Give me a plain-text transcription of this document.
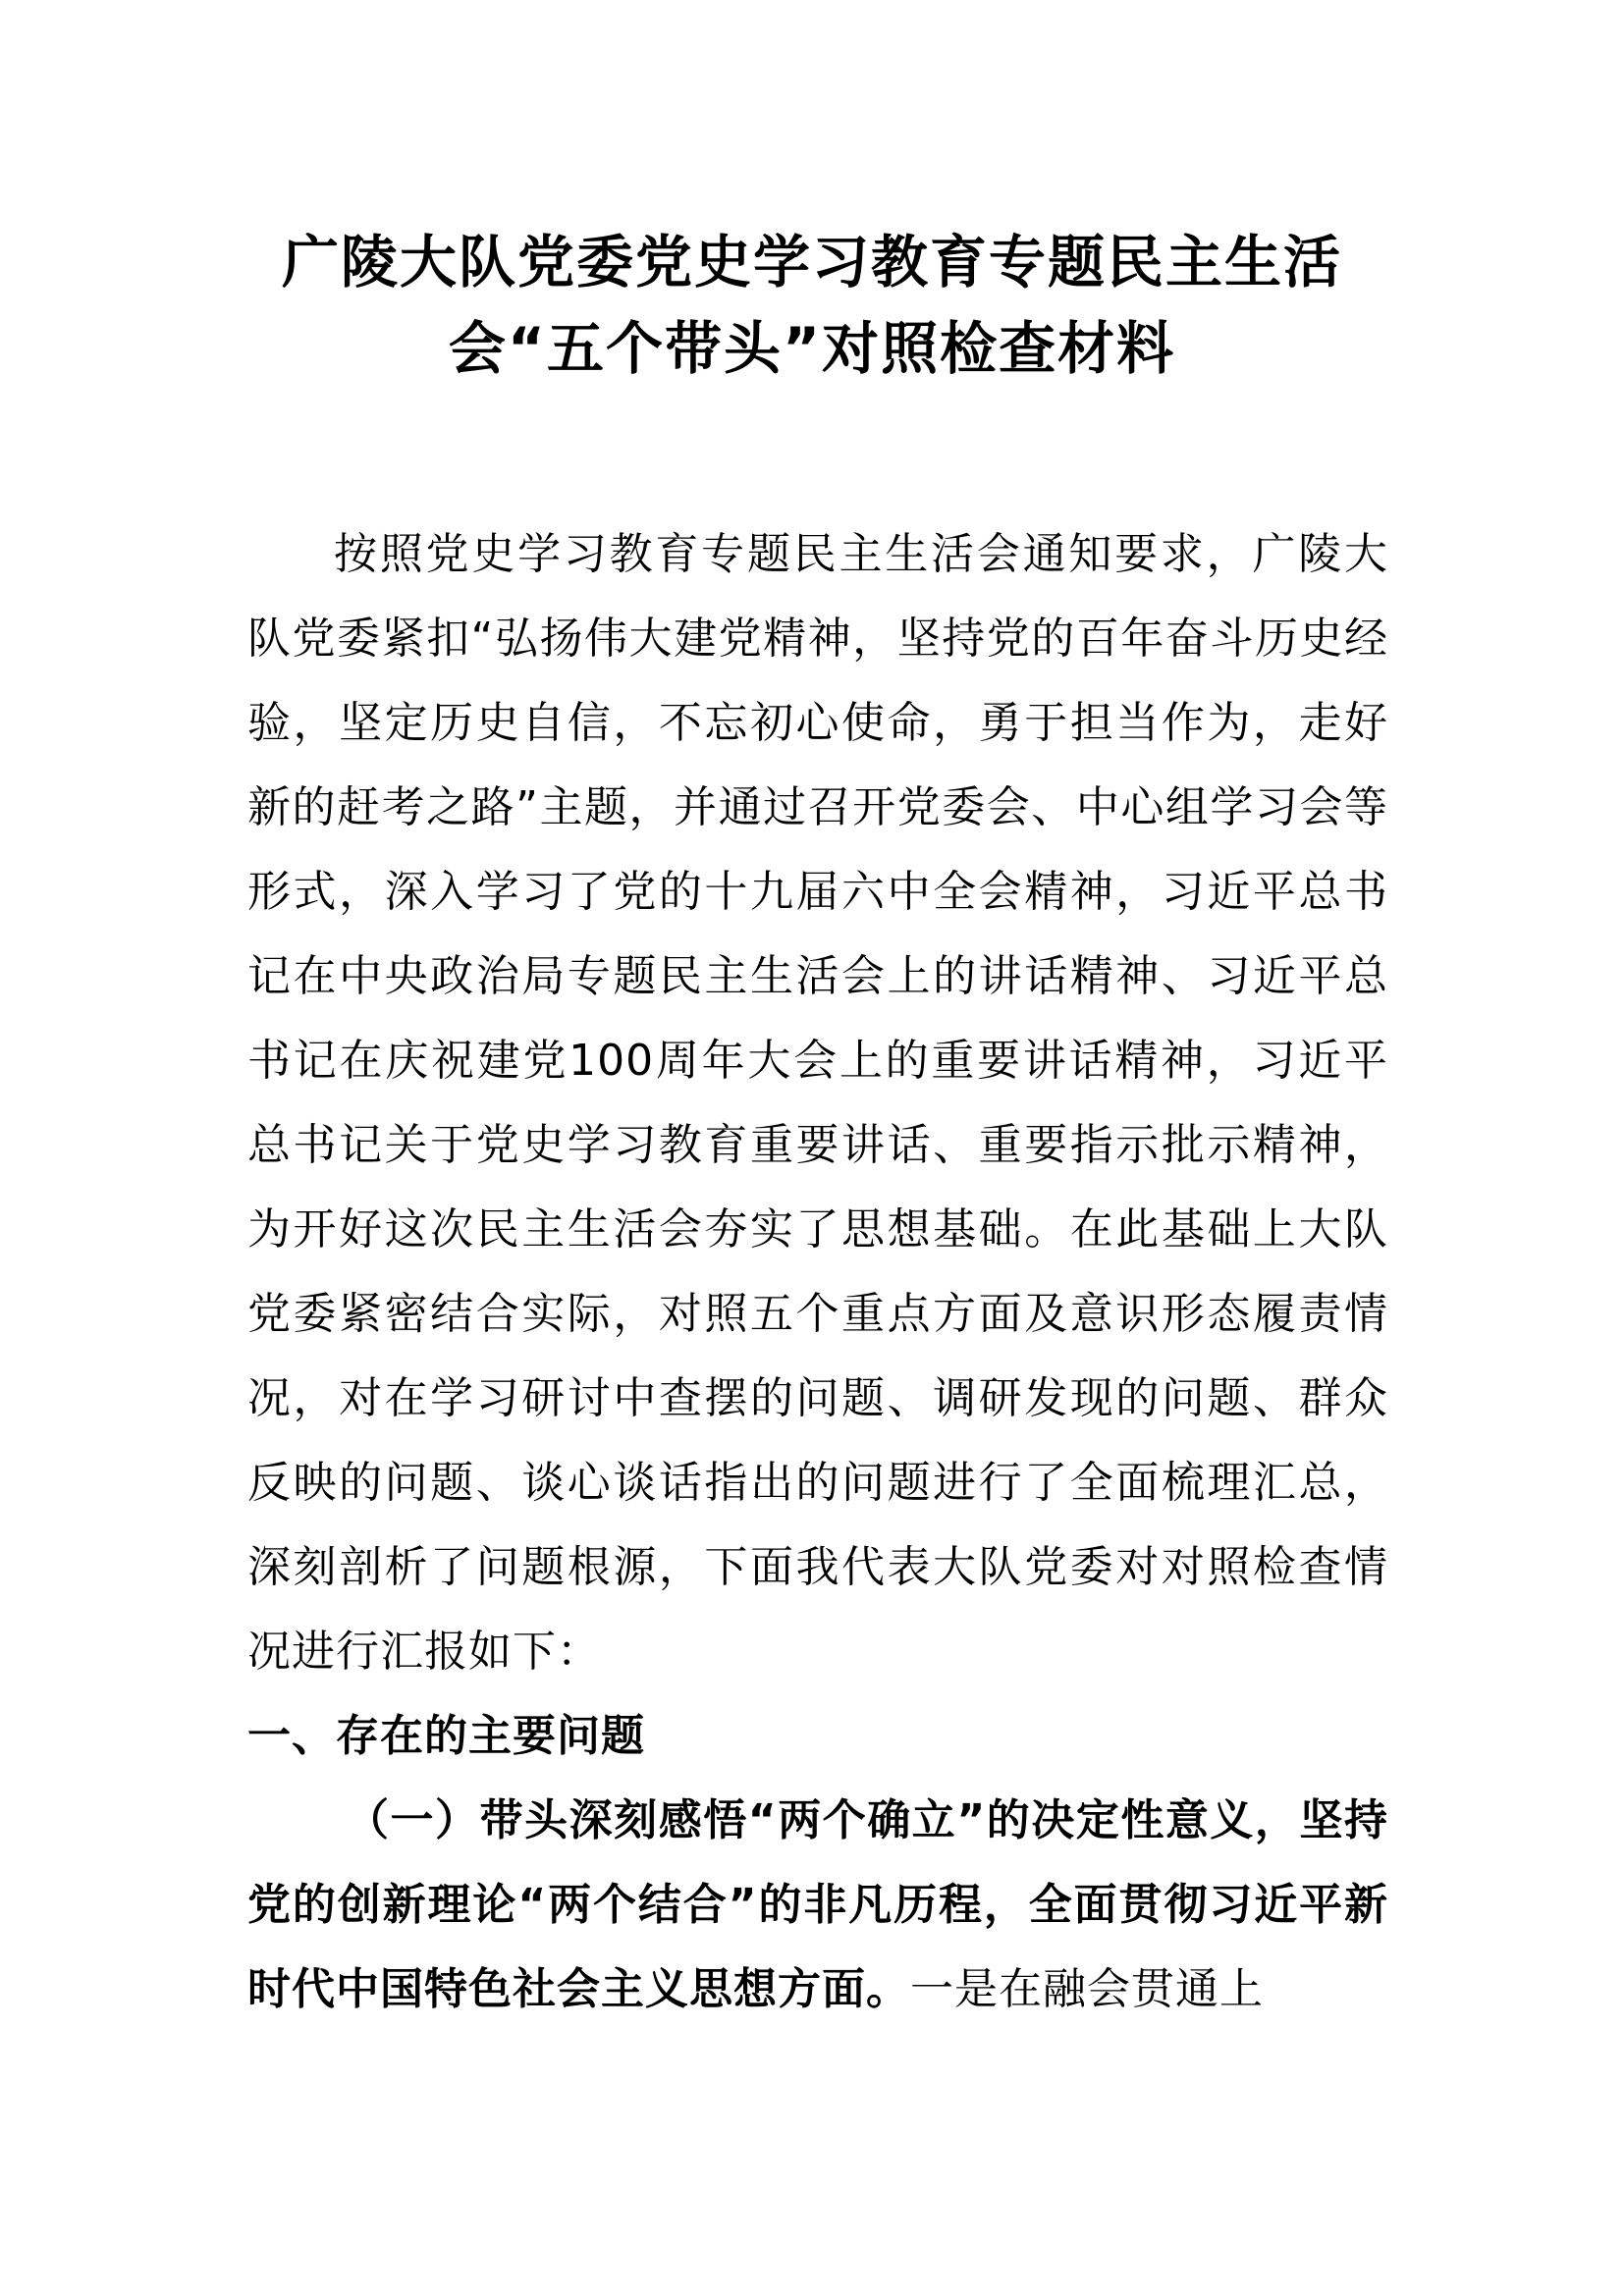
广陵大队党委党史学习教育专题民主生活
会“五个带头”对照检查材料

按照党史学习教育专题民主生活会通知要求，广陵大队党委紧扣“弘扬伟大建党精神，坚持党的百年奋斗历史经验，坚定历史自信，不忘初心使命，勇于担当作为，走好新的赶考之路”主题，并通过召开党委会、中心组学习会等形式，深入学习了党的十九届六中全会精神，习近平总书记在中央政治局专题民主生活会上的讲话精神、习近平总书记在庆祝建党100周年大会上的重要讲话精神，习近平总书记关于党史学习教育重要讲话、重要指示批示精神，为开好这次民主生活会夯实了思想基础。在此基础上大队党委紧密结合实际，对照五个重点方面及意识形态履责情况，对在学习研讨中查摆的问题、调研发现的问题、群众反映的问题、谈心谈话指出的问题进行了全面梳理汇总，深刻剖析了问题根源，下面我代表大队党委对对照检查情况进行汇报如下：

一、存在的主要问题

（一）带头深刻感悟“两个确立”的决定性意义，坚持党的创新理论“两个结合”的非凡历程，全面贯彻习近平新时代中国特色社会主义思想方面。一是在融会贯通上
